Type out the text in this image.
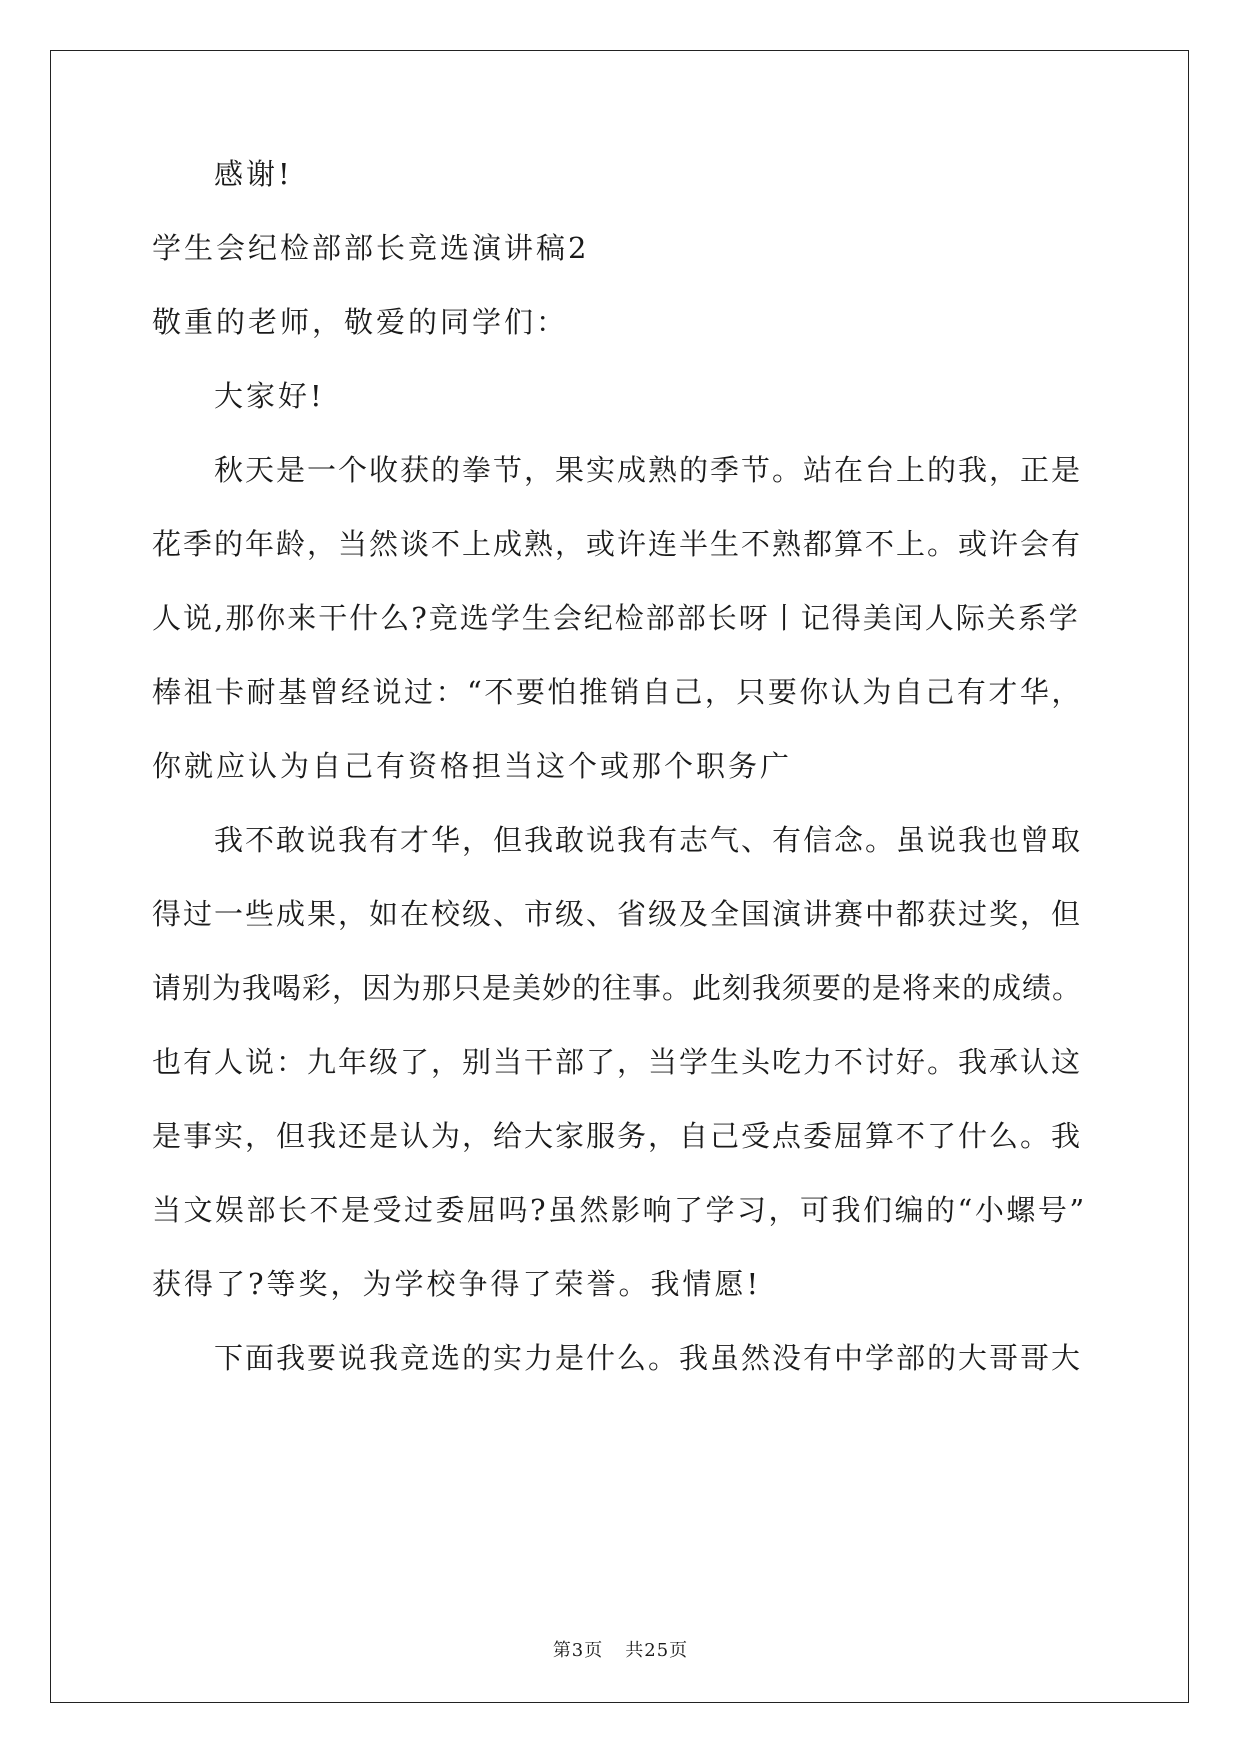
感谢!
学生会纪检部部长竞选演讲稿2
敬重的老师，敬爱的同学们：
大家好!
秋天是一个收获的拳节，果实成熟的季节。站在台上的我，正是
花季的年龄，当然谈不上成熟，或许连半生不熟都算不上。或许会有
人说,那你来干什么?竞选学生会纪检部部长呀丨记得美闰人际关系学
棒祖卡耐基曾经说过：“不要怕推销自己，只要你认为自己有才华，
你就应认为自己有资格担当这个或那个职务广
我不敢说我有才华，但我敢说我有志气、有信念。虽说我也曾取
得过一些成果，如在校级、市级、省级及全国演讲赛中都获过奖，但
请别为我喝彩，因为那只是美妙的往事。此刻我须要的是将来的成绩。
也有人说：九年级了，别当干部了，当学生头吃力不讨好。我承认这
是事实，但我还是认为，给大家服务，自己受点委屈算不了什么。我
当文娱部长不是受过委屈吗?虽然影响了学习，可我们编的“小螺号”
获得了?等奖，为学校争得了荣誉。我情愿!
下面我要说我竞选的实力是什么。我虽然没有中学部的大哥哥大
第3页 共25页
